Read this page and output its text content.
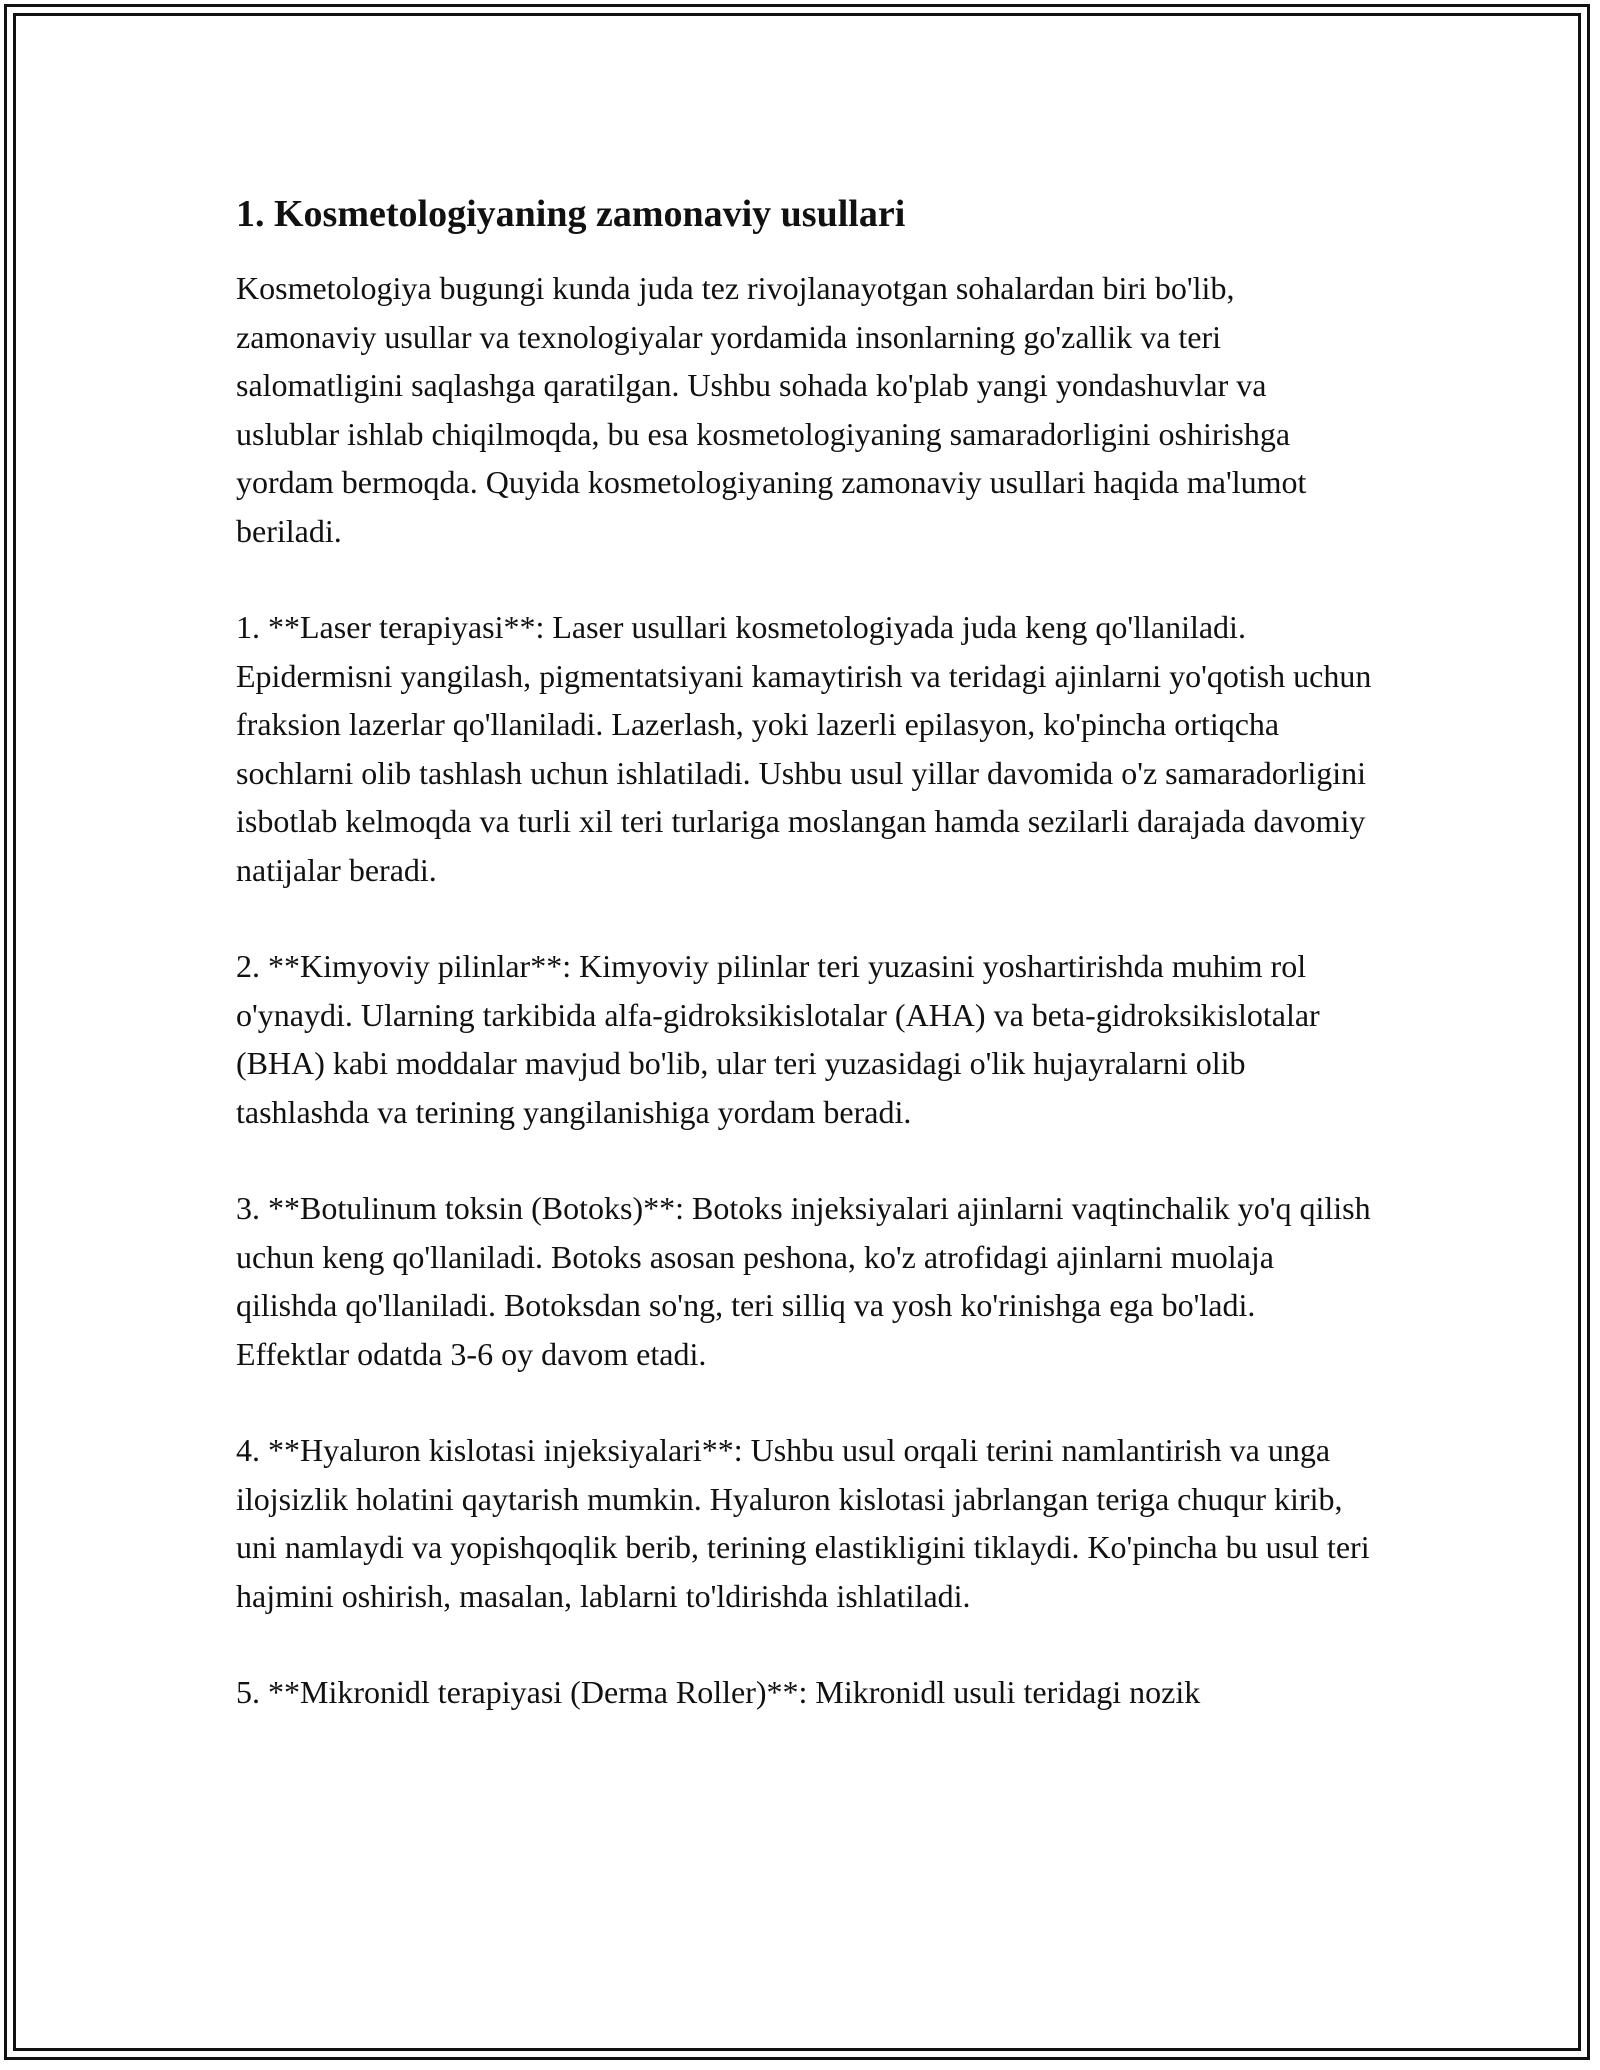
1. Kosmetologiyaning zamonaviy usullari

Kosmetologiya bugungi kunda juda tez rivojlanayotgan sohalardan biri bo'lib, zamonaviy usullar va texnologiyalar yordamida insonlarning go'zallik va teri salomatligini saqlashga qaratilgan. Ushbu sohada ko'plab yangi yondashuvlar va uslublar ishlab chiqilmoqda, bu esa kosmetologiyaning samaradorligini oshirishga yordam bermoqda. Quyida kosmetologiyaning zamonaviy usullari haqida ma'lumot beriladi.

1. **Laser terapiyasi**: Laser usullari kosmetologiyada juda keng qo'llaniladi. Epidermisni yangilash, pigmentatsiyani kamaytirish va teridagi ajinlarni yo'qotish uchun fraksion lazerlar qo'llaniladi. Lazerlash, yoki lazerli epilasyon, ko'pincha ortiqcha sochlarni olib tashlash uchun ishlatiladi. Ushbu usul yillar davomida o'z samaradorligini isbotlab kelmoqda va turli xil teri turlariga moslangan hamda sezilarli darajada davomiy natijalar beradi.

2. **Kimyoviy pilinlar**: Kimyoviy pilinlar teri yuzasini yoshartirishda muhim rol o'ynaydi. Ularning tarkibida alfa-gidroksikislotalar (AHA) va beta-gidroksikislotalar (BHA) kabi moddalar mavjud bo'lib, ular teri yuzasidagi o'lik hujayralarni olib tashlashda va terining yangilanishiga yordam beradi.

3. **Botulinum toksin (Botoks)**: Botoks injeksiyalari ajinlarni vaqtinchalik yo'q qilish uchun keng qo'llaniladi. Botoks asosan peshona, ko'z atrofidagi ajinlarni muolaja qilishda qo'llaniladi. Botoksdan so'ng, teri silliq va yosh ko'rinishga ega bo'ladi. Effektlar odatda 3-6 oy davom etadi.

4. **Hyaluron kislotasi injeksiyalari**: Ushbu usul orqali terini namlantirish va unga ilojsizlik holatini qaytarish mumkin. Hyaluron kislotasi jabrlangan teriga chuqur kirib, uni namlaydi va yopishqoqlik berib, terining elastikligini tiklaydi. Ko'pincha bu usul teri hajmini oshirish, masalan, lablarni to'ldirishda ishlatiladi.

5. **Mikronidl terapiyasi (Derma Roller)**: Mikronidl usuli teridagi nozik
